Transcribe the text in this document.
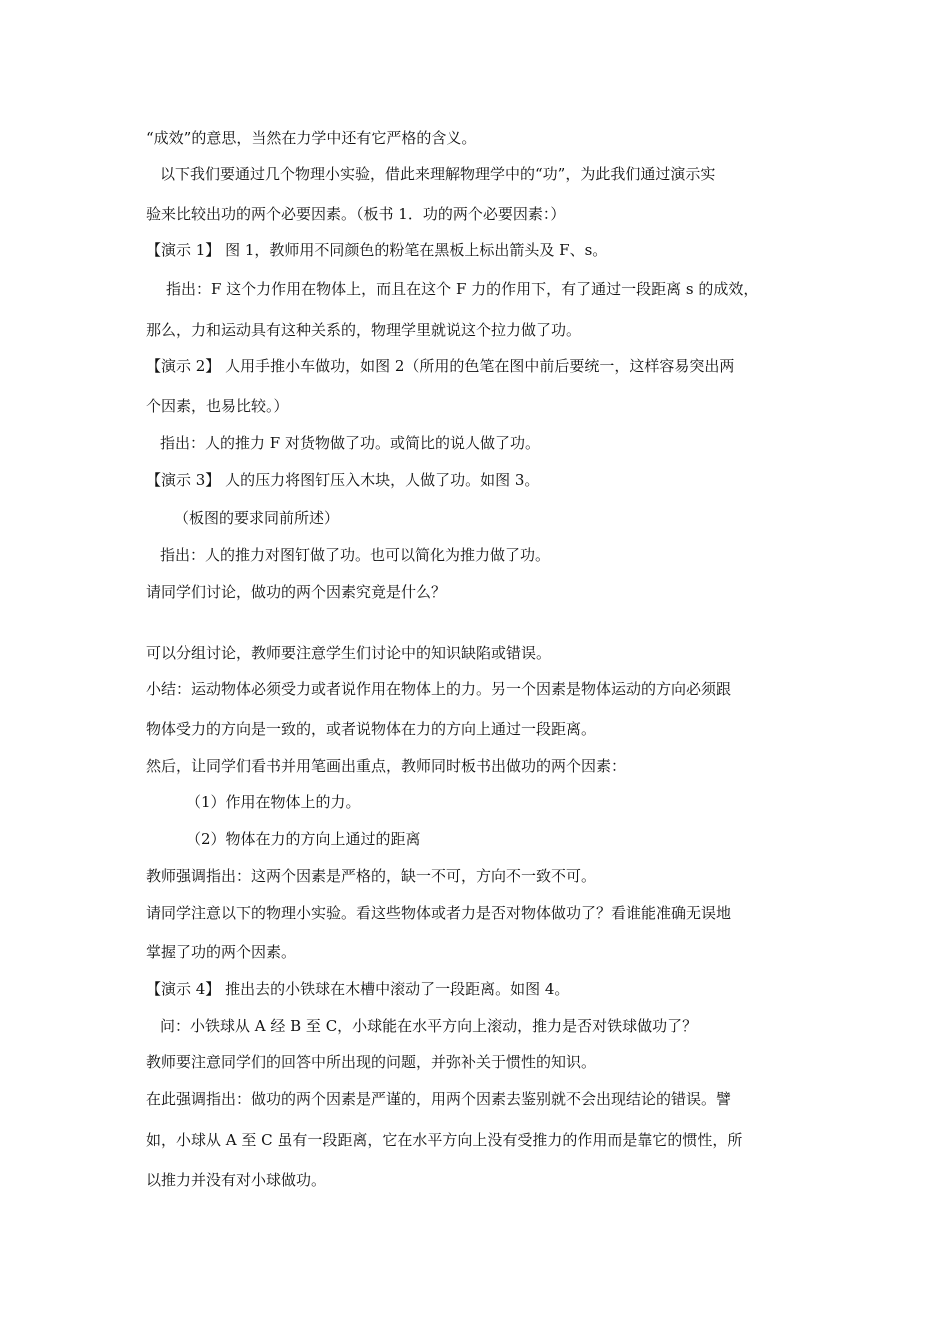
“成效”的意思，当然在力学中还有它严格的含义。
以下我们要通过几个物理小实验，借此来理解物理学中的“功”，为此我们通过演示实
验来比较出功的两个必要因素。（板书 1．功的两个必要因素：）
【演示 1】 图 1，教师用不同颜色的粉笔在黑板上标出箭头及 F、s。
指出：F 这个力作用在物体上，而且在这个 F 力的作用下，有了通过一段距离 s 的成效，
那么，力和运动具有这种关系的，物理学里就说这个拉力做了功。
【演示 2】 人用手推小车做功，如图 2（所用的色笔在图中前后要统一，这样容易突出两
个因素，也易比较。）
指出：人的推力 F 对货物做了功。或简比的说人做了功。
【演示 3】 人的压力将图钉压入木块，人做了功。如图 3。
（板图的要求同前所述）
指出：人的推力对图钉做了功。也可以简化为推力做了功。
请同学们讨论，做功的两个因素究竟是什么？
可以分组讨论，教师要注意学生们讨论中的知识缺陷或错误。
小结：运动物体必须受力或者说作用在物体上的力。另一个因素是物体运动的方向必须跟
物体受力的方向是一致的，或者说物体在力的方向上通过一段距离。
然后，让同学们看书并用笔画出重点，教师同时板书出做功的两个因素：
（1）作用在物体上的力。
（2）物体在力的方向上通过的距离
教师强调指出：这两个因素是严格的，缺一不可，方向不一致不可。
请同学注意以下的物理小实验。看这些物体或者力是否对物体做功了？看谁能准确无误地
掌握了功的两个因素。
【演示 4】 推出去的小铁球在木槽中滚动了一段距离。如图 4。
问：小铁球从 A 经 B 至 C，小球能在水平方向上滚动，推力是否对铁球做功了？
教师要注意同学们的回答中所出现的问题，并弥补关于惯性的知识。
在此强调指出：做功的两个因素是严谨的，用两个因素去鉴别就不会出现结论的错误。譬
如，小球从 A 至 C 虽有一段距离，它在水平方向上没有受推力的作用而是靠它的惯性，所
以推力并没有对小球做功。
